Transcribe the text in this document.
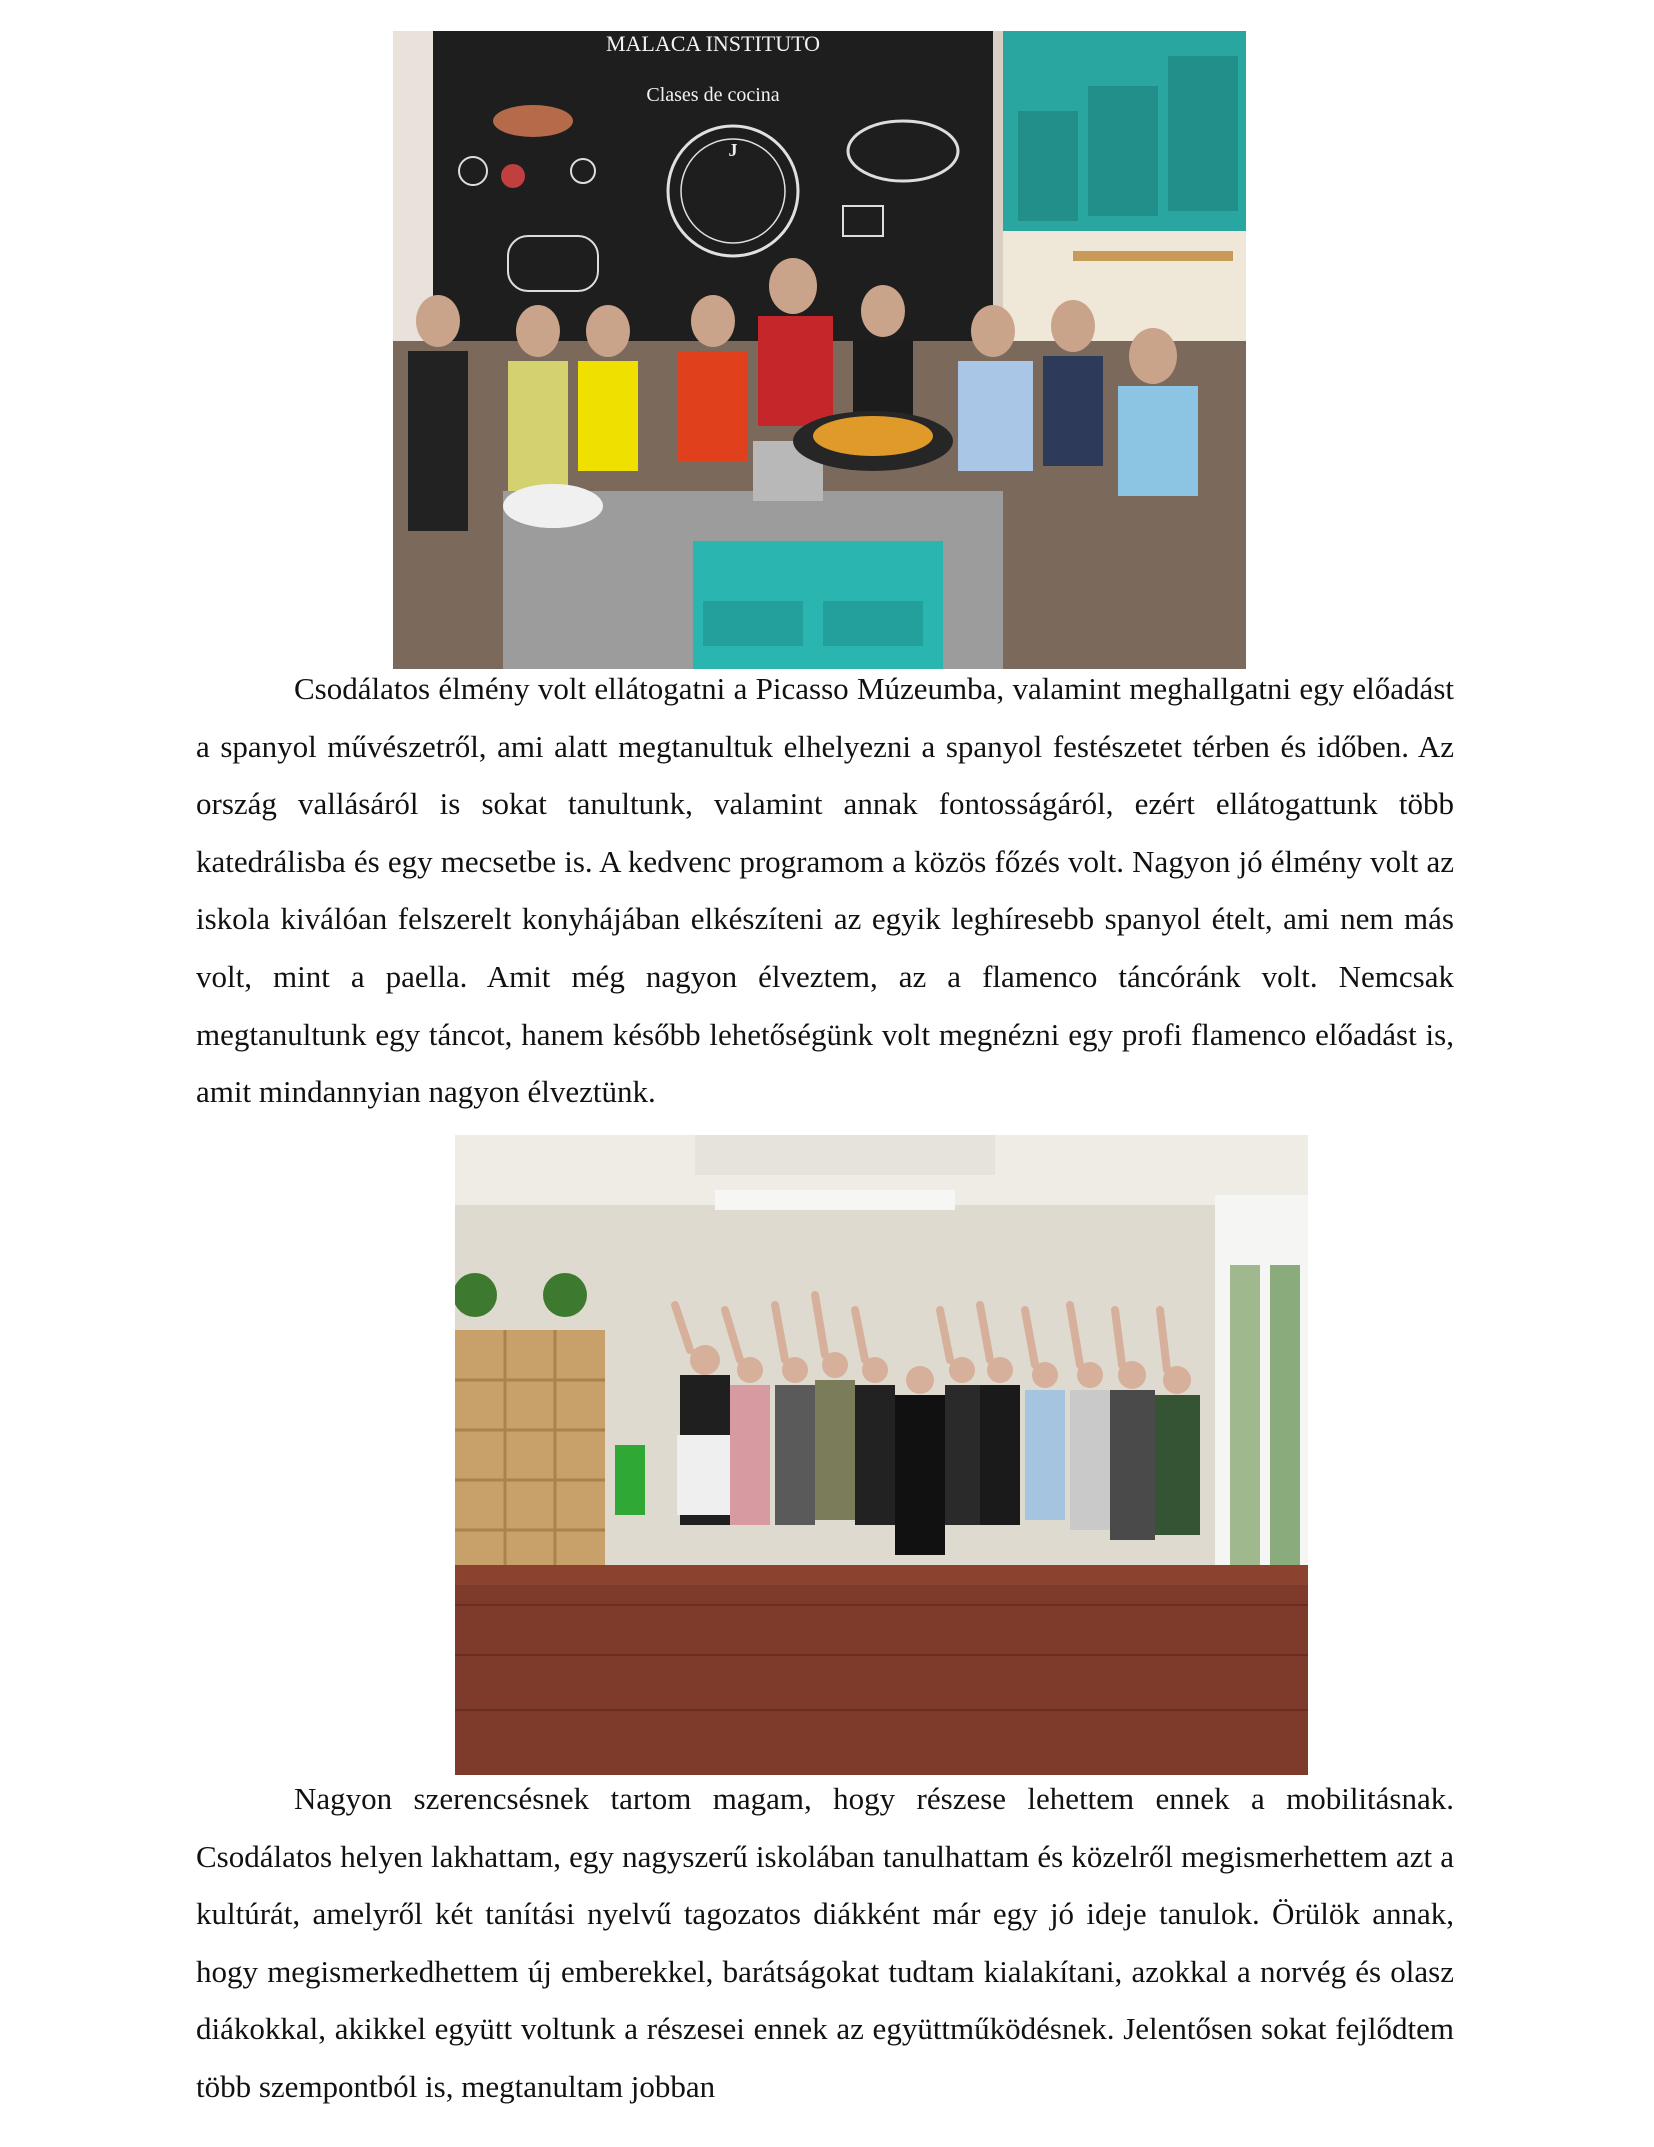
MALACA INSTITUTO
Clases de cocina
J

Csodálatos élmény volt ellátogatni a Picasso Múzeumba, valamint meghallgatni egy előadást a spanyol művészetről, ami alatt megtanultuk elhelyezni a spanyol festészetet térben és időben. Az ország vallásáról is sokat tanultunk, valamint annak fontosságáról, ezért ellátogattunk több katedrálisba és egy mecsetbe is. A kedvenc programom a közös főzés volt. Nagyon jó élmény volt az iskola kiválóan felszerelt konyhájában elkészíteni az egyik leghíresebb spanyol ételt, ami nem más volt, mint a paella. Amit még nagyon élveztem, az a flamenco táncóránk volt. Nemcsak megtanultunk egy táncot, hanem később lehetőségünk volt megnézni egy profi flamenco előadást is, amit mindannyian nagyon élveztünk.

Nagyon szerencsésnek tartom magam, hogy részese lehettem ennek a mobilitásnak. Csodálatos helyen lakhattam, egy nagyszerű iskolában tanulhattam és közelről megismerhettem azt a kultúrát, amelyről két tanítási nyelvű tagozatos diákként már egy jó ideje tanulok. Örülök annak, hogy megismerkedhettem új emberekkel, barátságokat tudtam kialakítani, azokkal a norvég és olasz diákokkal, akikkel együtt voltunk a részesei ennek az együttműködésnek. Jelentősen sokat fejlődtem több szempontból is, megtanultam jobban
